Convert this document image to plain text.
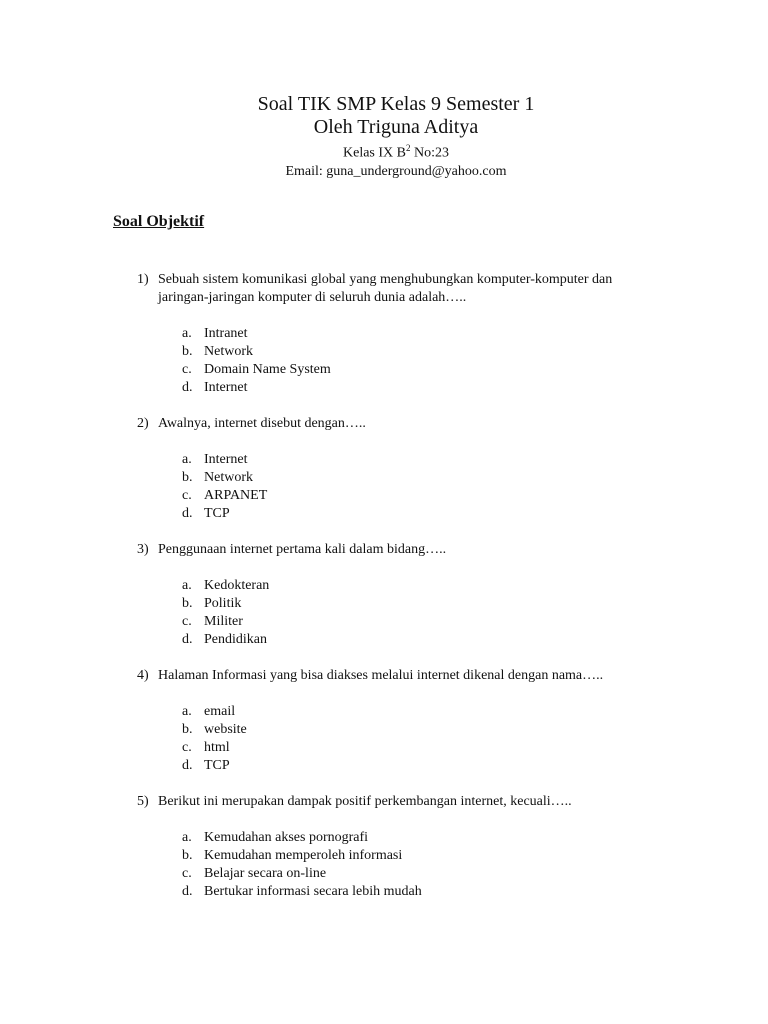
Soal TIK SMP Kelas 9 Semester 1
Oleh Triguna Aditya
Kelas IX $B^2$ No:23
Email: guna_underground@yahoo.com
Soal Objektif
1) Sebuah sistem komunikasi global yang menghubungkan komputer-komputer dan jaringan-jaringan komputer di seluruh dunia adalah…..
a. Intranet
b. Network
c. Domain Name System
d. Internet
2) Awalnya, internet disebut dengan…..
a. Internet
b. Network
c. ARPANET
d. TCP
3) Penggunaan internet pertama kali dalam bidang…..
a. Kedokteran
b. Politik
c. Militer
d. Pendidikan
4) Halaman Informasi yang bisa diakses melalui internet dikenal dengan nama…..
a. email
b. website
c. html
d. TCP
5) Berikut ini merupakan dampak positif perkembangan internet, kecuali…..
a. Kemudahan akses pornografi
b. Kemudahan memperoleh informasi
c. Belajar secara on-line
d. Bertukar informasi secara lebih mudah
